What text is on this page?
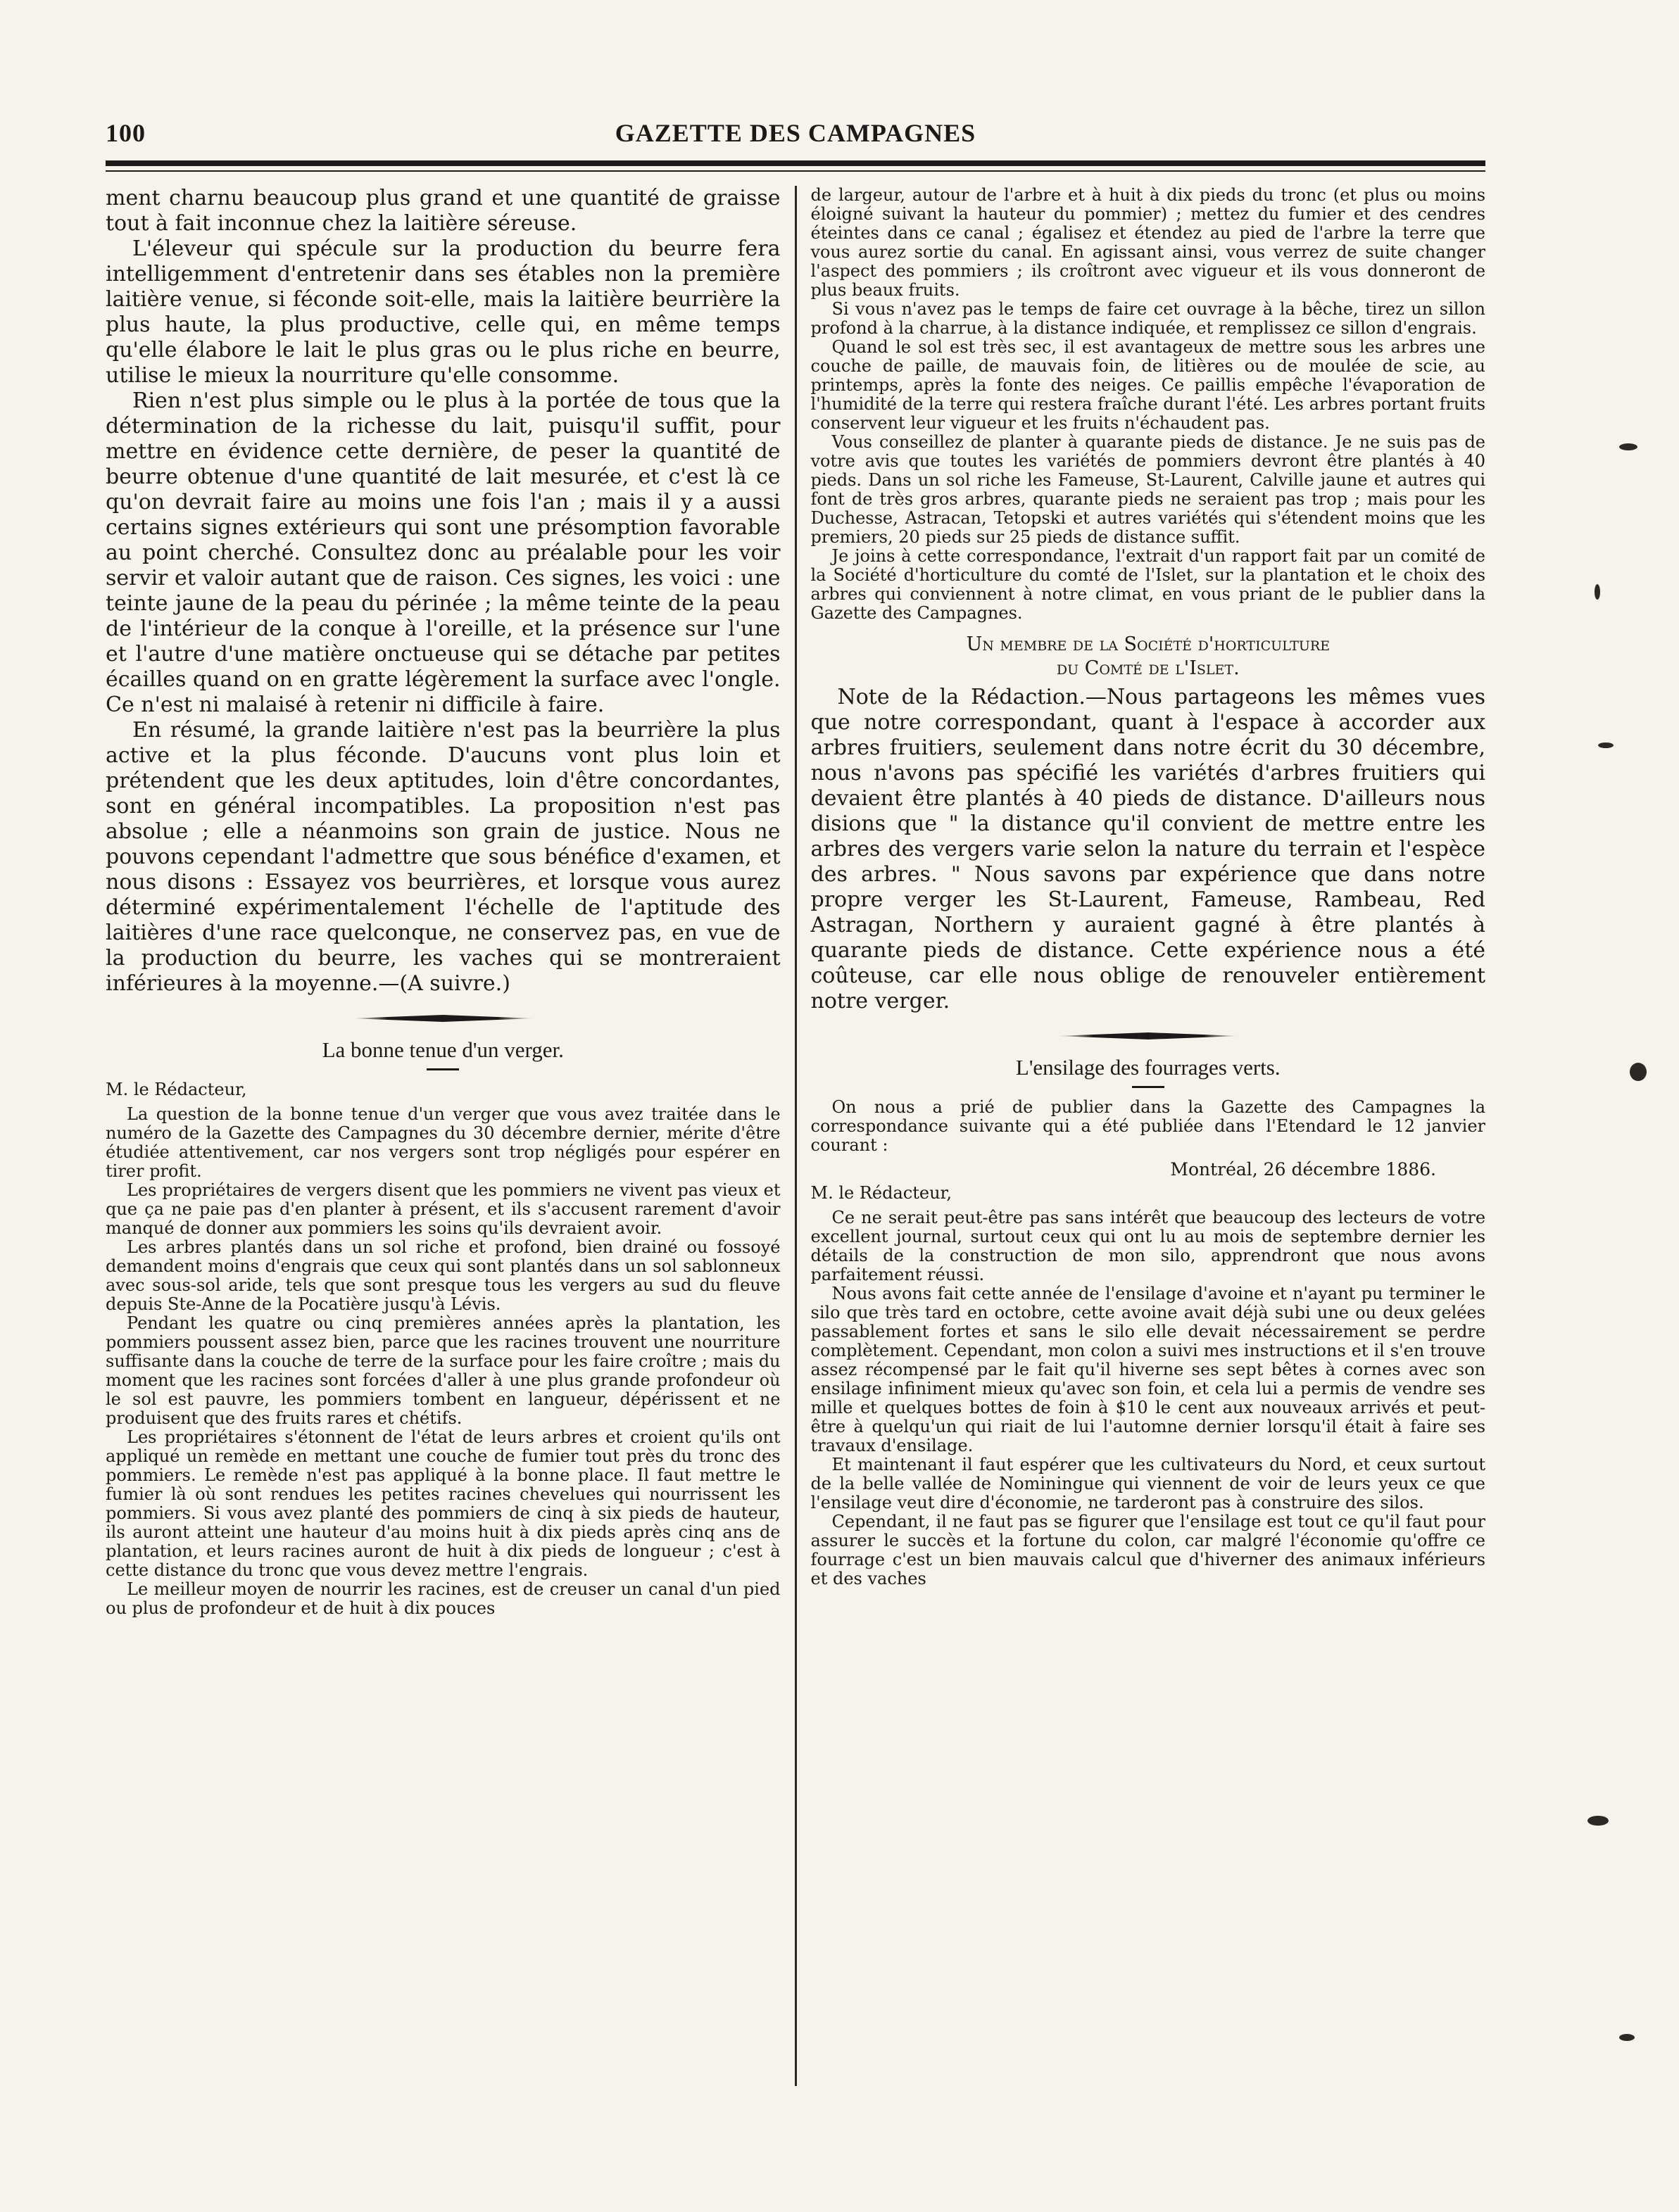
100	GAZETTE DES CAMPAGNES

ment charnu beaucoup plus grand et une quantité de graisse tout à fait inconnue chez la laitière séreuse.

L'éleveur qui spécule sur la production du beurre fera intelligemment d'entretenir dans ses étables non la première laitière venue, si féconde soit-elle, mais la laitière beurrière la plus haute, la plus productive, celle qui, en même temps qu'elle élabore le lait le plus gras ou le plus riche en beurre, utilise le mieux la nourriture qu'elle consomme.

Rien n'est plus simple ou le plus à la portée de tous que la détermination de la richesse du lait, puisqu'il suffit, pour mettre en évidence cette dernière, de peser la quantité de beurre obtenue d'une quantité de lait mesurée, et c'est là ce qu'on devrait faire au moins une fois l'an ; mais il y a aussi certains signes extérieurs qui sont une présomption favorable au point cherché. Consultez donc au préalable pour les voir servir et valoir autant que de raison. Ces signes, les voici : une teinte jaune de la peau du périnée ; la même teinte de la peau de l'intérieur de la conque à l'oreille, et la présence sur l'une et l'autre d'une matière onctueuse qui se détache par petites écailles quand on en gratte légèrement la surface avec l'ongle. Ce n'est ni malaisé à retenir ni difficile à faire.

En résumé, la grande laitière n'est pas la beurrière la plus active et la plus féconde. D'aucuns vont plus loin et prétendent que les deux aptitudes, loin d'être concordantes, sont en général incompatibles. La proposition n'est pas absolue ; elle a néanmoins son grain de justice. Nous ne pouvons cependant l'admettre que sous bénéfice d'examen, et nous disons : Essayez vos beurrières, et lorsque vous aurez déterminé expérimentalement l'échelle de l'aptitude des laitières d'une race quelconque, ne conservez pas, en vue de la production du beurre, les vaches qui se montreraient inférieures à la moyenne.—(A suivre.)

La bonne tenue d'un verger.

M. le Rédacteur,

La question de la bonne tenue d'un verger que vous avez traitée dans le numéro de la Gazette des Campagnes du 30 décembre dernier, mérite d'être étudiée attentivement, car nos vergers sont trop négligés pour espérer en tirer profit.

Les propriétaires de vergers disent que les pommiers ne vivent pas vieux et que ça ne paie pas d'en planter à présent, et ils s'accusent rarement d'avoir manqué de donner aux pommiers les soins qu'ils devraient avoir.

Les arbres plantés dans un sol riche et profond, bien drainé ou fossoyé demandent moins d'engrais que ceux qui sont plantés dans un sol sablonneux avec sous-sol aride, tels que sont presque tous les vergers au sud du fleuve depuis Ste-Anne de la Pocatière jusqu'à Lévis.

Pendant les quatre ou cinq premières années après la plantation, les pommiers poussent assez bien, parce que les racines trouvent une nourriture suffisante dans la couche de terre de la surface pour les faire croître ; mais du moment que les racines sont forcées d'aller à une plus grande profondeur où le sol est pauvre, les pommiers tombent en langueur, dépérissent et ne produisent que des fruits rares et chétifs.

Les propriétaires s'étonnent de l'état de leurs arbres et croient qu'ils ont appliqué un remède en mettant une couche de fumier tout près du tronc des pommiers. Le remède n'est pas appliqué à la bonne place. Il faut mettre le fumier là où sont rendues les petites racines chevelues qui nourrissent les pommiers. Si vous avez planté des pommiers de cinq à six pieds de hauteur, ils auront atteint une hauteur d'au moins huit à dix pieds après cinq ans de plantation, et leurs racines auront de huit à dix pieds de longueur ; c'est à cette distance du tronc que vous devez mettre l'engrais.

Le meilleur moyen de nourrir les racines, est de creuser un canal d'un pied ou plus de profondeur et de huit à dix pouces

de largeur, autour de l'arbre et à huit à dix pieds du tronc (et plus ou moins éloigné suivant la hauteur du pommier) ; mettez du fumier et des cendres éteintes dans ce canal ; égalisez et étendez au pied de l'arbre la terre que vous aurez sortie du canal. En agissant ainsi, vous verrez de suite changer l'aspect des pommiers ; ils croîtront avec vigueur et ils vous donneront de plus beaux fruits.

Si vous n'avez pas le temps de faire cet ouvrage à la bêche, tirez un sillon profond à la charrue, à la distance indiquée, et remplissez ce sillon d'engrais.

Quand le sol est très sec, il est avantageux de mettre sous les arbres une couche de paille, de mauvais foin, de litières ou de moulée de scie, au printemps, après la fonte des neiges. Ce paillis empêche l'évaporation de l'humidité de la terre qui restera fraîche durant l'été. Les arbres portant fruits conservent leur vigueur et les fruits n'échaudent pas.

Vous conseillez de planter à quarante pieds de distance. Je ne suis pas de votre avis que toutes les variétés de pommiers devront être plantés à 40 pieds. Dans un sol riche les Fameuse, St-Laurent, Calville jaune et autres qui font de très gros arbres, quarante pieds ne seraient pas trop ; mais pour les Duchesse, Astracan, Tetopski et autres variétés qui s'étendent moins que les premiers, 20 pieds sur 25 pieds de distance suffit.

Je joins à cette correspondance, l'extrait d'un rapport fait par un comité de la Société d'horticulture du comté de l'Islet, sur la plantation et le choix des arbres qui conviennent à notre climat, en vous priant de le publier dans la Gazette des Campagnes.

Un membre de la Société d'horticulture
du Comté de l'Islet.

Note de la Rédaction.—Nous partageons les mêmes vues que notre correspondant, quant à l'espace à accorder aux arbres fruitiers, seulement dans notre écrit du 30 décembre, nous n'avons pas spécifié les variétés d'arbres fruitiers qui devaient être plantés à 40 pieds de distance. D'ailleurs nous disions que " la distance qu'il convient de mettre entre les arbres des vergers varie selon la nature du terrain et l'espèce des arbres. " Nous savons par expérience que dans notre propre verger les St-Laurent, Fameuse, Rambeau, Red Astragan, Northern y auraient gagné à être plantés à quarante pieds de distance. Cette expérience nous a été coûteuse, car elle nous oblige de renouveler entièrement notre verger.

L'ensilage des fourrages verts.

On nous a prié de publier dans la Gazette des Campagnes la correspondance suivante qui a été publiée dans l'Etendard le 12 janvier courant :

Montréal, 26 décembre 1886.

M. le Rédacteur,

Ce ne serait peut-être pas sans intérêt que beaucoup des lecteurs de votre excellent journal, surtout ceux qui ont lu au mois de septembre dernier les détails de la construction de mon silo, apprendront que nous avons parfaitement réussi.

Nous avons fait cette année de l'ensilage d'avoine et n'ayant pu terminer le silo que très tard en octobre, cette avoine avait déjà subi une ou deux gelées passablement fortes et sans le silo elle devait nécessairement se perdre complètement. Cependant, mon colon a suivi mes instructions et il s'en trouve assez récompensé par le fait qu'il hiverne ses sept bêtes à cornes avec son ensilage infiniment mieux qu'avec son foin, et cela lui a permis de vendre ses mille et quelques bottes de foin à $10 le cent aux nouveaux arrivés et peut-être à quelqu'un qui riait de lui l'automne dernier lorsqu'il était à faire ses travaux d'ensilage.

Et maintenant il faut espérer que les cultivateurs du Nord, et ceux surtout de la belle vallée de Nominingue qui viennent de voir de leurs yeux ce que l'ensilage veut dire d'économie, ne tarderont pas à construire des silos.

Cependant, il ne faut pas se figurer que l'ensilage est tout ce qu'il faut pour assurer le succès et la fortune du colon, car malgré l'économie qu'offre ce fourrage c'est un bien mauvais calcul que d'hiverner des animaux inférieurs et des vaches
